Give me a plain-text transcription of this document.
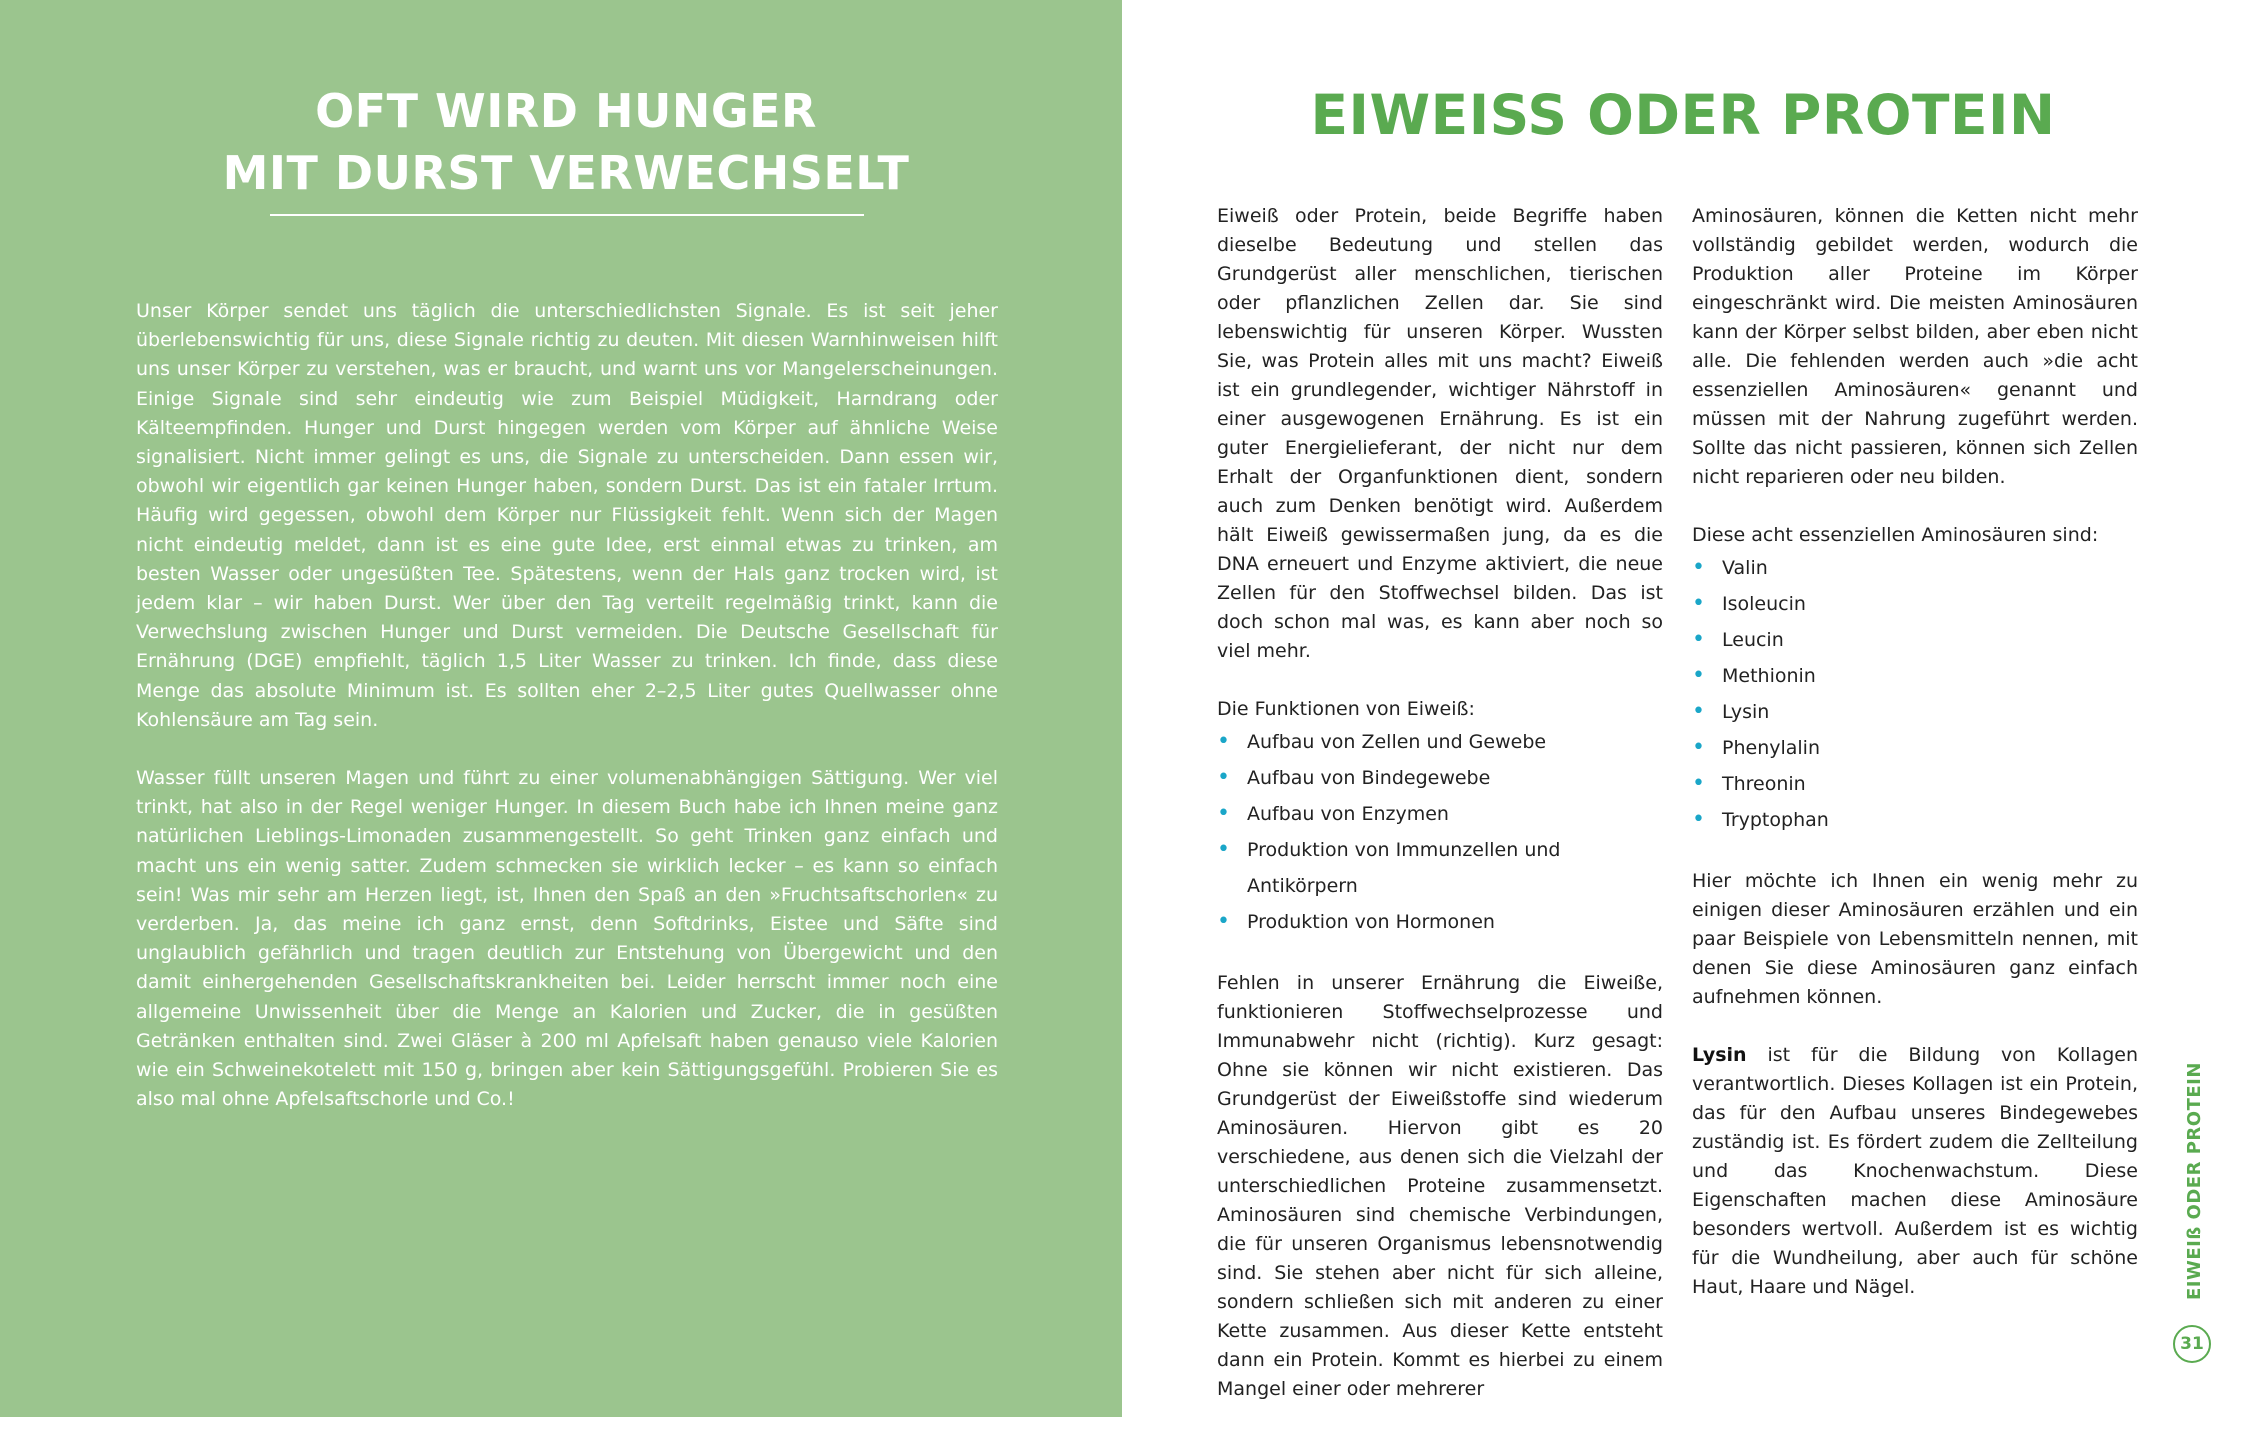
OFT WIRD HUNGER
MIT DURST VERWECHSELT

Unser Körper sendet uns täglich die unterschiedlichsten Signale. Es ist seit jeher überlebenswichtig für uns, diese Signale richtig zu deuten. Mit diesen Warnhinweisen hilft uns unser Körper zu verstehen, was er braucht, und warnt uns vor Mangelerscheinungen. Einige Signale sind sehr eindeutig wie zum Beispiel Müdigkeit, Harndrang oder Kälteempfinden. Hunger und Durst hingegen werden vom Körper auf ähnliche Weise signalisiert. Nicht immer gelingt es uns, die Signale zu unterscheiden. Dann essen wir, obwohl wir eigentlich gar keinen Hunger haben, sondern Durst. Das ist ein fataler Irrtum. Häufig wird gegessen, obwohl dem Körper nur Flüssigkeit fehlt. Wenn sich der Magen nicht eindeutig meldet, dann ist es eine gute Idee, erst einmal etwas zu trinken, am besten Wasser oder ungesüßten Tee. Spätestens, wenn der Hals ganz trocken wird, ist jedem klar – wir haben Durst. Wer über den Tag verteilt regelmäßig trinkt, kann die Verwechslung zwischen Hunger und Durst vermeiden. Die Deutsche Gesellschaft für Ernährung (DGE) empfiehlt, täglich 1,5 Liter Wasser zu trinken. Ich finde, dass diese Menge das absolute Minimum ist. Es sollten eher 2–2,5 Liter gutes Quellwasser ohne Kohlensäure am Tag sein.

Wasser füllt unseren Magen und führt zu einer volumenabhängigen Sättigung. Wer viel trinkt, hat also in der Regel weniger Hunger. In diesem Buch habe ich Ihnen meine ganz natürlichen Lieblings-Limonaden zusammengestellt. So geht Trinken ganz einfach und macht uns ein wenig satter. Zudem schmecken sie wirklich lecker – es kann so einfach sein! Was mir sehr am Herzen liegt, ist, Ihnen den Spaß an den »Fruchtsaftschorlen« zu verderben. Ja, das meine ich ganz ernst, denn Softdrinks, Eistee und Säfte sind unglaublich gefährlich und tragen deutlich zur Entstehung von Übergewicht und den damit einhergehenden Gesellschaftskrankheiten bei. Leider herrscht immer noch eine allgemeine Unwissenheit über die Menge an Kalorien und Zucker, die in gesüßten Getränken enthalten sind. Zwei Gläser à 200 ml Apfelsaft haben genauso viele Kalorien wie ein Schweinekotelett mit 150 g, bringen aber kein Sättigungsgefühl. Probieren Sie es also mal ohne Apfelsaftschorle und Co.!

EIWEISS ODER PROTEIN

Eiweiß oder Protein, beide Begriffe haben dieselbe Bedeutung und stellen das Grundgerüst aller menschlichen, tierischen oder pflanzlichen Zellen dar. Sie sind lebenswichtig für unseren Körper. Wussten Sie, was Protein alles mit uns macht? Eiweiß ist ein grundlegender, wichtiger Nährstoff in einer ausgewogenen Ernährung. Es ist ein guter Energielieferant, der nicht nur dem Erhalt der Organfunktionen dient, sondern auch zum Denken benötigt wird. Außerdem hält Eiweiß gewissermaßen jung, da es die DNA erneuert und Enzyme aktiviert, die neue Zellen für den Stoffwechsel bilden. Das ist doch schon mal was, es kann aber noch so viel mehr.

Die Funktionen von Eiweiß:

• Aufbau von Zellen und Gewebe
• Aufbau von Bindegewebe
• Aufbau von Enzymen
• Produktion von Immunzellen und Antikörpern
• Produktion von Hormonen

Fehlen in unserer Ernährung die Eiweiße, funktionieren Stoffwechselprozesse und Immunabwehr nicht (richtig). Kurz gesagt: Ohne sie können wir nicht existieren. Das Grundgerüst der Eiweißstoffe sind wiederum Aminosäuren. Hiervon gibt es 20 verschiedene, aus denen sich die Vielzahl der unterschiedlichen Proteine zusammensetzt. Aminosäuren sind chemische Verbindungen, die für unseren Organismus lebensnotwendig sind. Sie stehen aber nicht für sich alleine, sondern schließen sich mit anderen zu einer Kette zusammen. Aus dieser Kette entsteht dann ein Protein. Kommt es hierbei zu einem Mangel einer oder mehrerer

Aminosäuren, können die Ketten nicht mehr vollständig gebildet werden, wodurch die Produktion aller Proteine im Körper eingeschränkt wird. Die meisten Aminosäuren kann der Körper selbst bilden, aber eben nicht alle. Die fehlenden werden auch »die acht essenziellen Aminosäuren« genannt und müssen mit der Nahrung zugeführt werden. Sollte das nicht passieren, können sich Zellen nicht reparieren oder neu bilden.

Diese acht essenziellen Aminosäuren sind:

• Valin
• Isoleucin
• Leucin
• Methionin
• Lysin
• Phenylalin
• Threonin
• Tryptophan

Hier möchte ich Ihnen ein wenig mehr zu einigen dieser Aminosäuren erzählen und ein paar Beispiele von Lebensmitteln nennen, mit denen Sie diese Aminosäuren ganz einfach aufnehmen können.

Lysin ist für die Bildung von Kollagen verantwortlich. Dieses Kollagen ist ein Protein, das für den Aufbau unseres Bindegewebes zuständig ist. Es fördert zudem die Zellteilung und das Knochenwachstum. Diese Eigenschaften machen diese Aminosäure besonders wertvoll. Außerdem ist es wichtig für die Wundheilung, aber auch für schöne Haut, Haare und Nägel.	EIWEIß ODER PROTEIN
31
